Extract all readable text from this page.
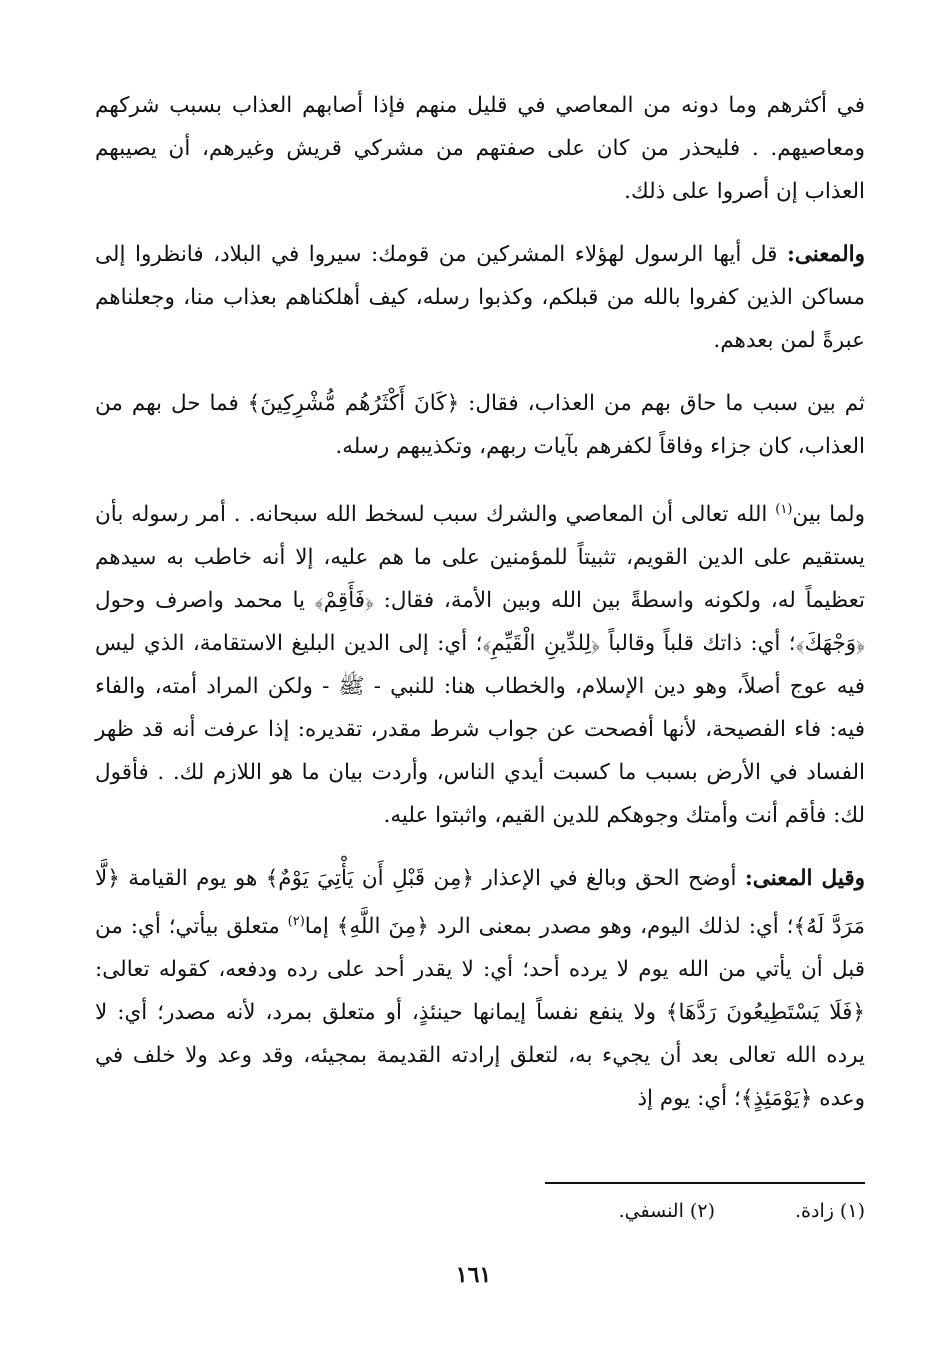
في أكثرهم وما دونه من المعاصي في قليل منهم فإذا أصابهم العذاب بسبب شركهم ومعاصيهم. . فليحذر من كان على صفتهم من مشركي قريش وغيرهم، أن يصيبهم العذاب إن أصروا على ذلك.

والمعنى: قل أيها الرسول لهؤلاء المشركين من قومك: سيروا في البلاد، فانظروا إلى مساكن الذين كفروا بالله من قبلكم، وكذبوا رسله، كيف أهلكناهم بعذاب منا، وجعلناهم عبرةً لمن بعدهم.

ثم بين سبب ما حاق بهم من العذاب، فقال: ﴿كَانَ أَكْثَرُهُم مُّشْرِكِينَ﴾ فما حل بهم من العذاب، كان جزاء وفاقاً لكفرهم بآيات ربهم، وتكذيبهم رسله.

ولما بين$^{(١)}$ الله تعالى أن المعاصي والشرك سبب لسخط الله سبحانه. . أمر رسوله بأن يستقيم على الدين القويم، تثبيتاً للمؤمنين على ما هم عليه، إلا أنه خاطب به سيدهم تعظيماً له، ولكونه واسطةً بين الله وبين الأمة، فقال: ﴿فَأَقِمْ﴾ يا محمد واصرف وحول ﴿وَجْهَكَ﴾؛ أي: ذاتك قلباً وقالباً ﴿لِلدِّينِ الْقَيِّمِ﴾؛ أي: إلى الدين البليغ الاستقامة، الذي ليس فيه عوج أصلاً، وهو دين الإسلام، والخطاب هنا: للنبي - ﷺ - ولكن المراد أمته، والفاء فيه: فاء الفصيحة، لأنها أفصحت عن جواب شرط مقدر، تقديره: إذا عرفت أنه قد ظهر الفساد في الأرض بسبب ما كسبت أيدي الناس، وأردت بيان ما هو اللازم لك. . فأقول لك: فأقم أنت وأمتك وجوهكم للدين القيم، واثبتوا عليه.

وقيل المعنى: أوضح الحق وبالغ في الإعذار ﴿مِن قَبْلِ أَن يَأْتِيَ يَوْمٌ﴾ هو يوم القيامة ﴿لَّا مَرَدَّ لَهُ﴾؛ أي: لذلك اليوم، وهو مصدر بمعنى الرد ﴿مِنَ اللَّهِ﴾ إما$^{(٢)}$ متعلق بيأتي؛ أي: من قبل أن يأتي من الله يوم لا يرده أحد؛ أي: لا يقدر أحد على رده ودفعه، كقوله تعالى: ﴿فَلَا يَسْتَطِيعُونَ رَدَّهَا﴾ ولا ينفع نفساً إيمانها حينئذٍ، أو متعلق بمرد، لأنه مصدر؛ أي: لا يرده الله تعالى بعد أن يجيء به، لتعلق إرادته القديمة بمجيئه، وقد وعد ولا خلف في وعده ﴿يَوْمَئِذٍ﴾؛ أي: يوم إذ

(١) زادة.
(٢) النسفي.
١٦١
